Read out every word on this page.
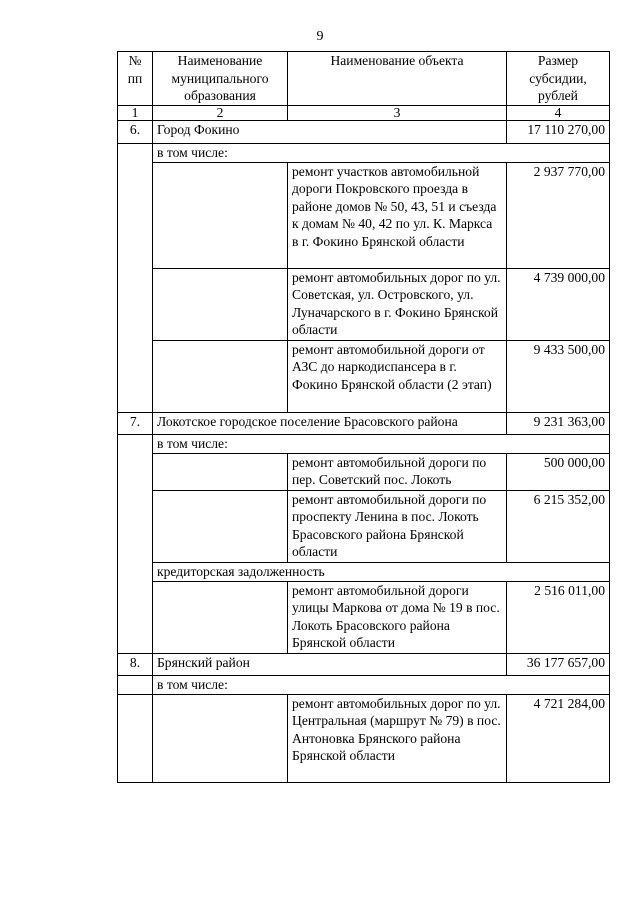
9
№ пп	Наименование муниципального образования	Наименование объекта	Размер субсидии, рублей
1	2	3	4
6.	Город Фокино		17 110 270,00
	в том числе:		
		ремонт участков автомобильной дороги Покровского проезда в районе домов № 50, 43, 51 и съезда к домам № 40, 42 по ул. К. Маркса в г. Фокино Брянской области	2 937 770,00
		ремонт автомобильных дорог по ул. Советская, ул. Островского, ул. Луначарского в г. Фокино Брянской области	4 739 000,00
		ремонт автомобильной дороги от АЗС до наркодиспансера в г. Фокино Брянской области (2 этап)	9 433 500,00
7.	Локотское городское поселение Брасовского района		9 231 363,00
	в том числе:		
		ремонт автомобильной дороги по пер. Советский пос. Локоть	500 000,00
		ремонт автомобильной дороги по проспекту Ленина в пос. Локоть Брасовского района Брянской области	6 215 352,00
	кредиторская задолженность		
		ремонт автомобильной дороги улицы Маркова от дома № 19 в пос. Локоть Брасовского района Брянской области	2 516 011,00
8.	Брянский район		36 177 657,00
	в том числе:		
		ремонт автомобильных дорог по ул. Центральная (маршрут № 79) в пос. Антоновка Брянского района Брянской области	4 721 284,00
